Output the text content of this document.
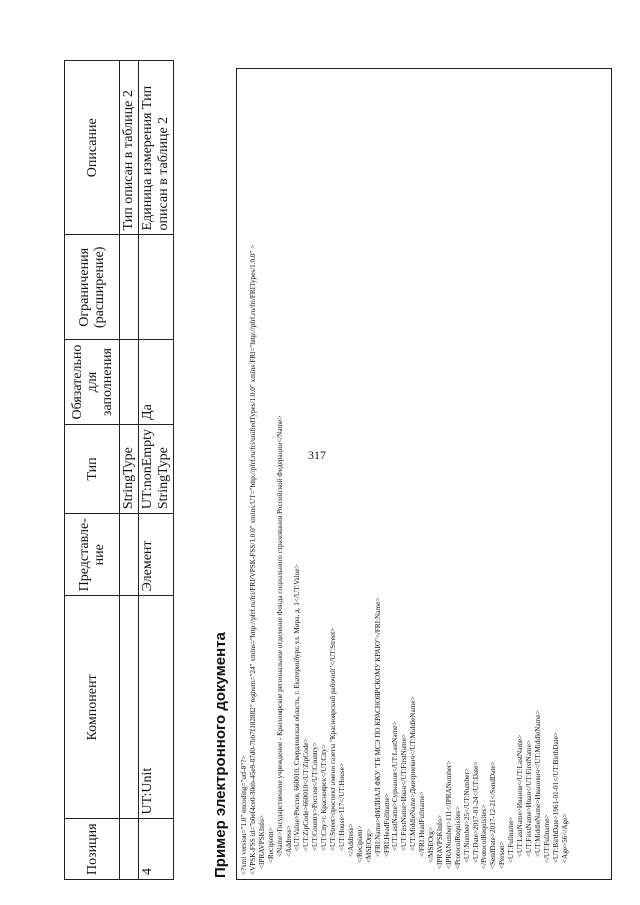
317
Позиция	Компонент	Представле- ние	Тип	Обязательно для заполнения	Ограничения (расширение)	Описание
			StringType			Тип описан в таблице 2
4	UT:Unit	Элемент	UT:nonEmpty StringType	Да		Единица измерения Тип описан в таблице 2
Пример электронного документа <?xml version="1.0" encoding="utf-8"?> <VPSK-FSS id="b0ef4ce0-30eb-45e9-87d0-7bb7f182882" regnum="24" xmlns="http://pfrf.ru/fri/FRI/VPSK-FSS/1.0.0" xmlns:UT="http://pfrf.ru/fri/unifiedTypes/1.0.0" xmlns:FRI="http://pfrf.ru/fri/FRITypes/1.0.0" > <IPRAVPSKInfo> <Recipient> <Name>Государственное учреждение - Красноярское региональное отделение Фонда социального страхования Российской Федерации</Name> <Address> <UT:Value>Россия, 660010, Свердловская область, г. Екатеринбург, ул. Мира, д. 1</UT:Value> <UT:ZipCode>660010</UT:ZipCode> <UT:Country>Россия</UT:Country> <UT:City>г. Красноярск</UT:City> <UT:Street>проспект имени газеты "Красноярский рабочий"</UT:Street> <UT:House>117</UT:House> </Address> </Recipient> <MSEOrg> <FRI:Name>ФИЛИАЛ ФКУ "ГБ МСЭ ПО КРАСНОЯРСКОМУ КРАЮ"</FRI:Name> <FRI:HeadFullname> <UT:LastName>Сурнанов</UT:LastName> <UT:FirstName>Иван</UT:FirstName> <UT:MiddleName>Дмитриевич</UT:MiddleName> </FRI:HeadFullname> </MSEOrg> <IPRAVPSKInfo> <IPRANumber>111</IPRANumber> <ProtocolRequisites> <UT:Number>25</UT:Number> <UT:Date>2017-01-24</UT:Date> </ProtocolRequisites> <SendDate>2017-12-21</SendDate> <Person> <UT:Fullname> <UT:LastName>Иванов</UT:LastName> <UT:FirstName>Иван</UT:FirstName> <UT:MiddleName>Иванович</UT:MiddleName> </UT:Fullname> <UT:BirthDate>1961-01-01</UT:BirthDate> <Age>56</Age>
